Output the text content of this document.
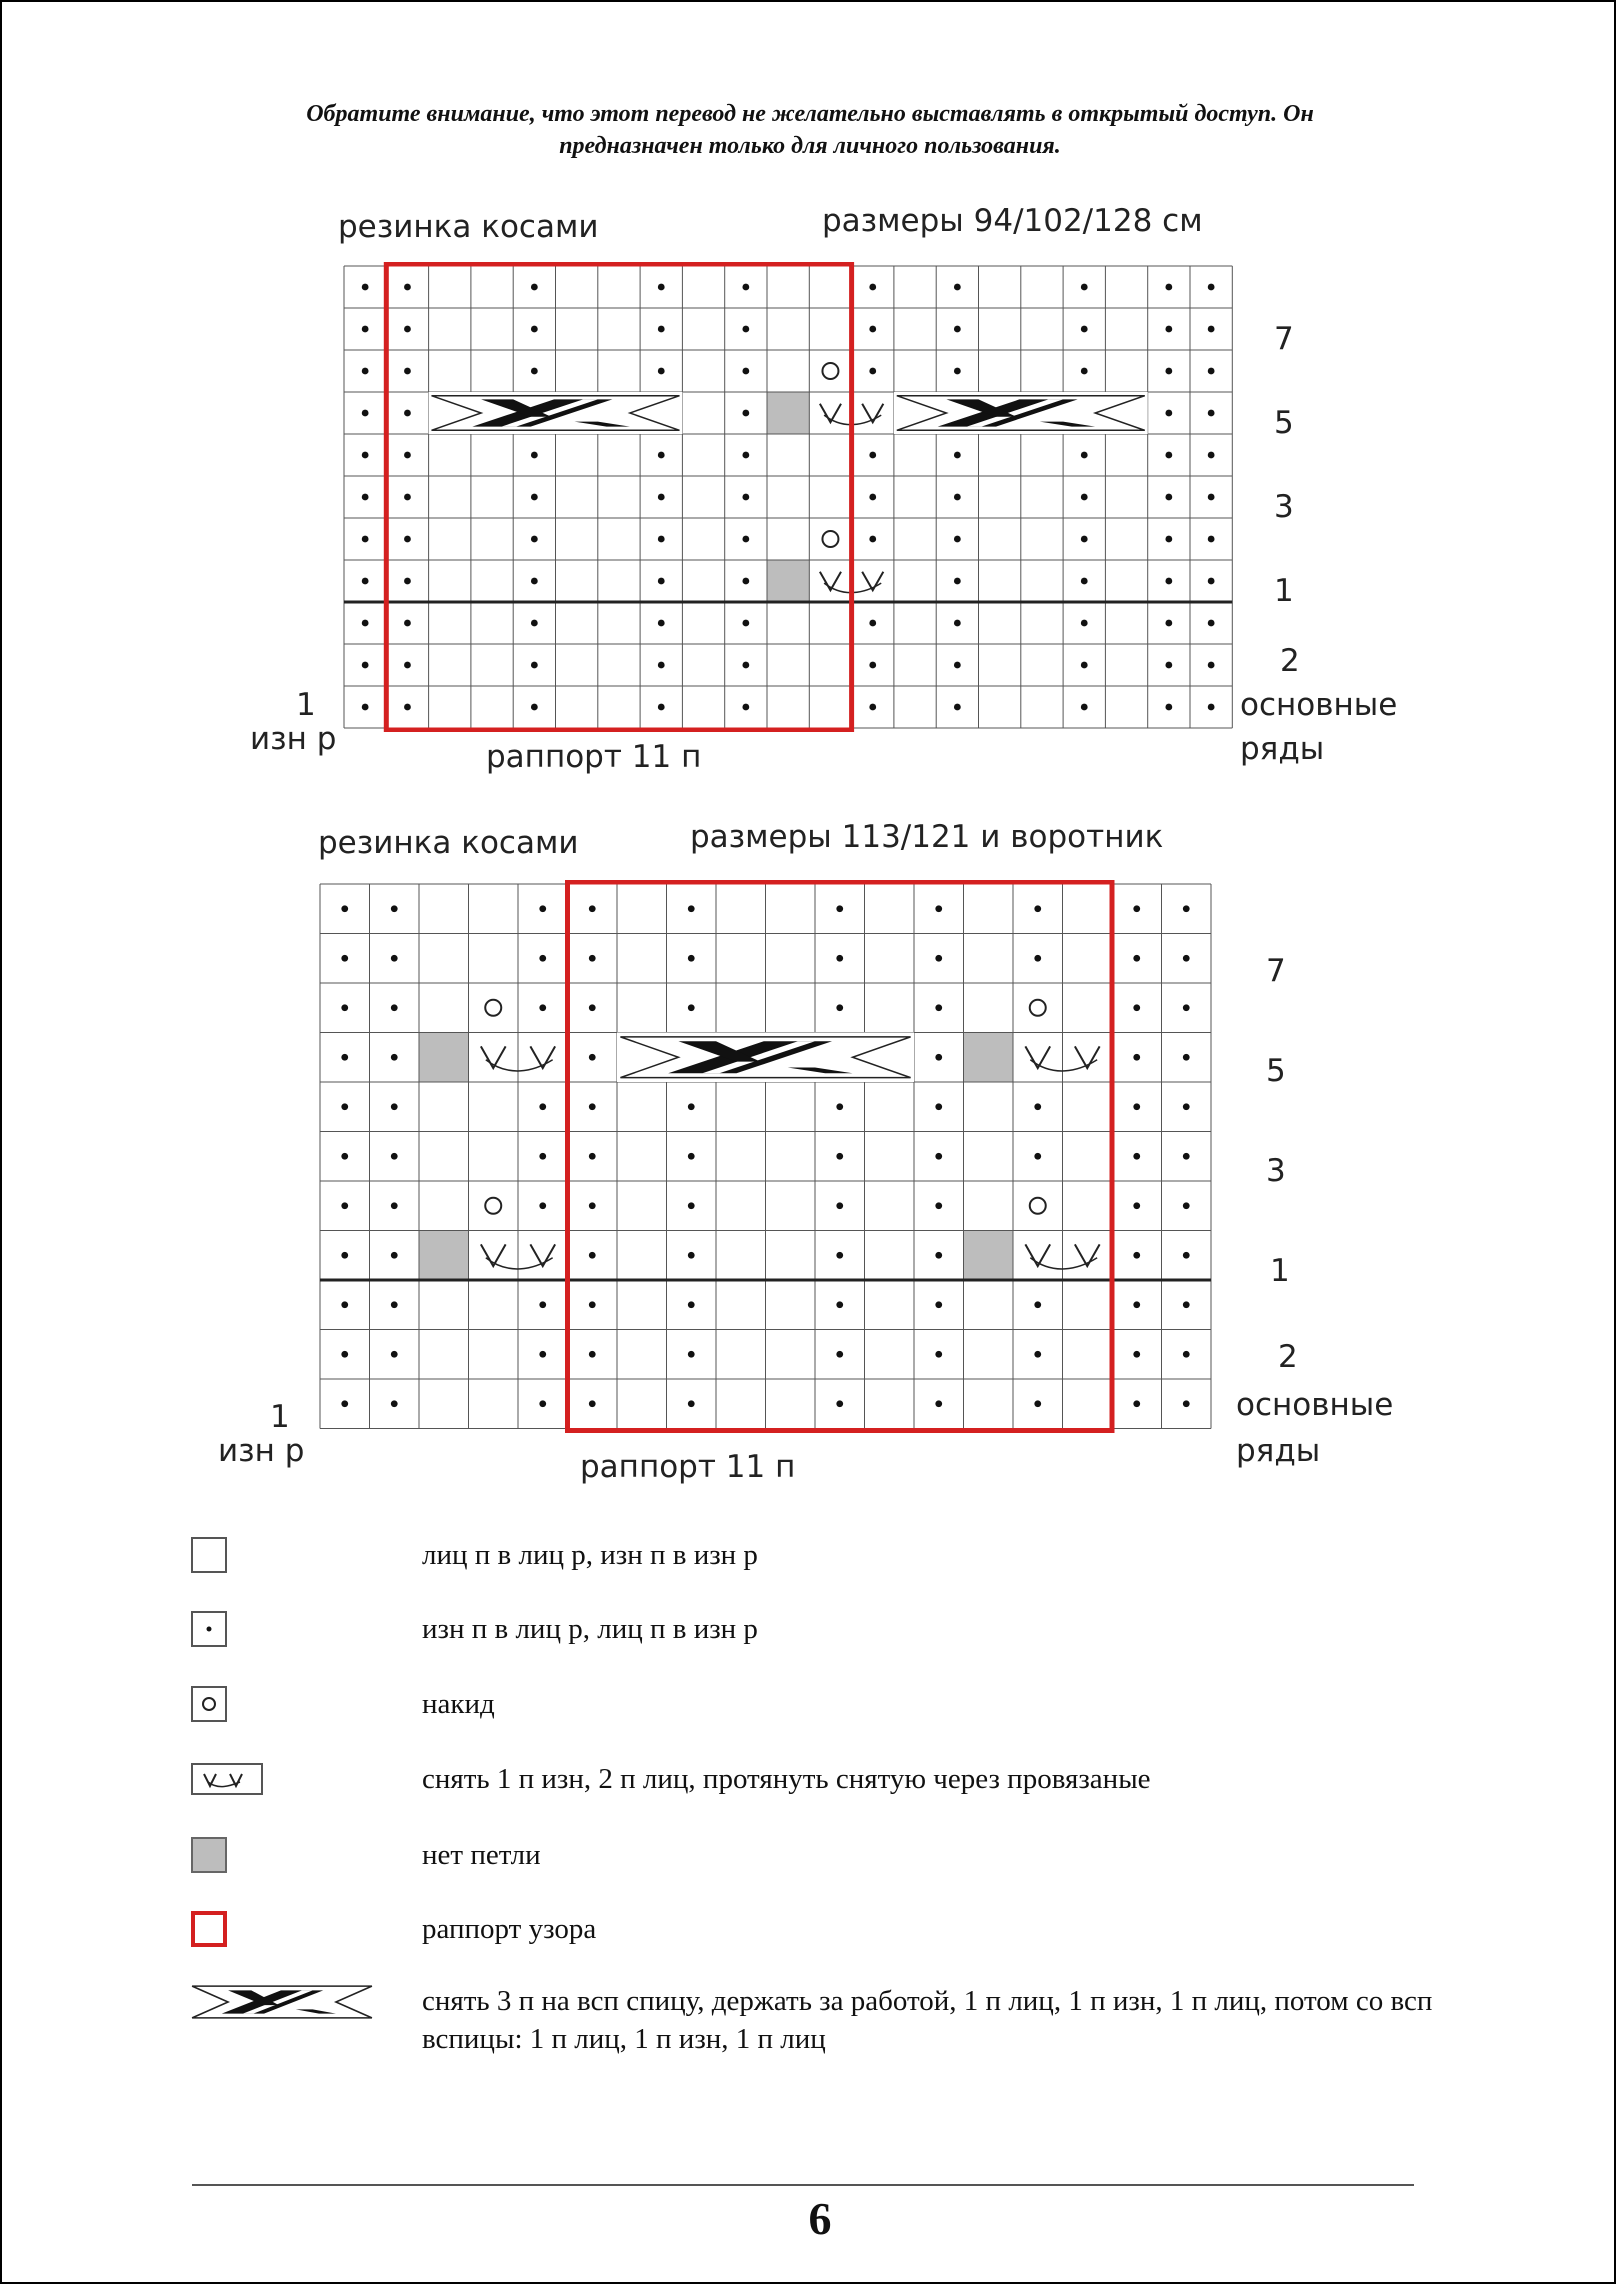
Обратите внимание, что этот перевод не желательно выставлять в открытый доступ. Он
предназначен только для личного пользования.
резинка косами	размеры 94/102/128 см
7
5
3
1
2
основные
ряды
1
изн р	раппорт 11 п
резинка косами	размеры 113/121 и воротник
7
5
3
1
2
основные
ряды
1
изн р	раппорт 11 п
лиц п в лиц р, изн п в изн р
изн п в лиц р, лиц п в изн р
накид
снять 1 п изн, 2 п лиц, протянуть снятую через провязаные
нет петли
раппорт узора
снять 3 п на всп спицу, держать за работой, 1 п лиц, 1 п изн, 1 п лиц, потом со всп вспицы: 1 п лиц, 1 п изн, 1 п лиц
6
